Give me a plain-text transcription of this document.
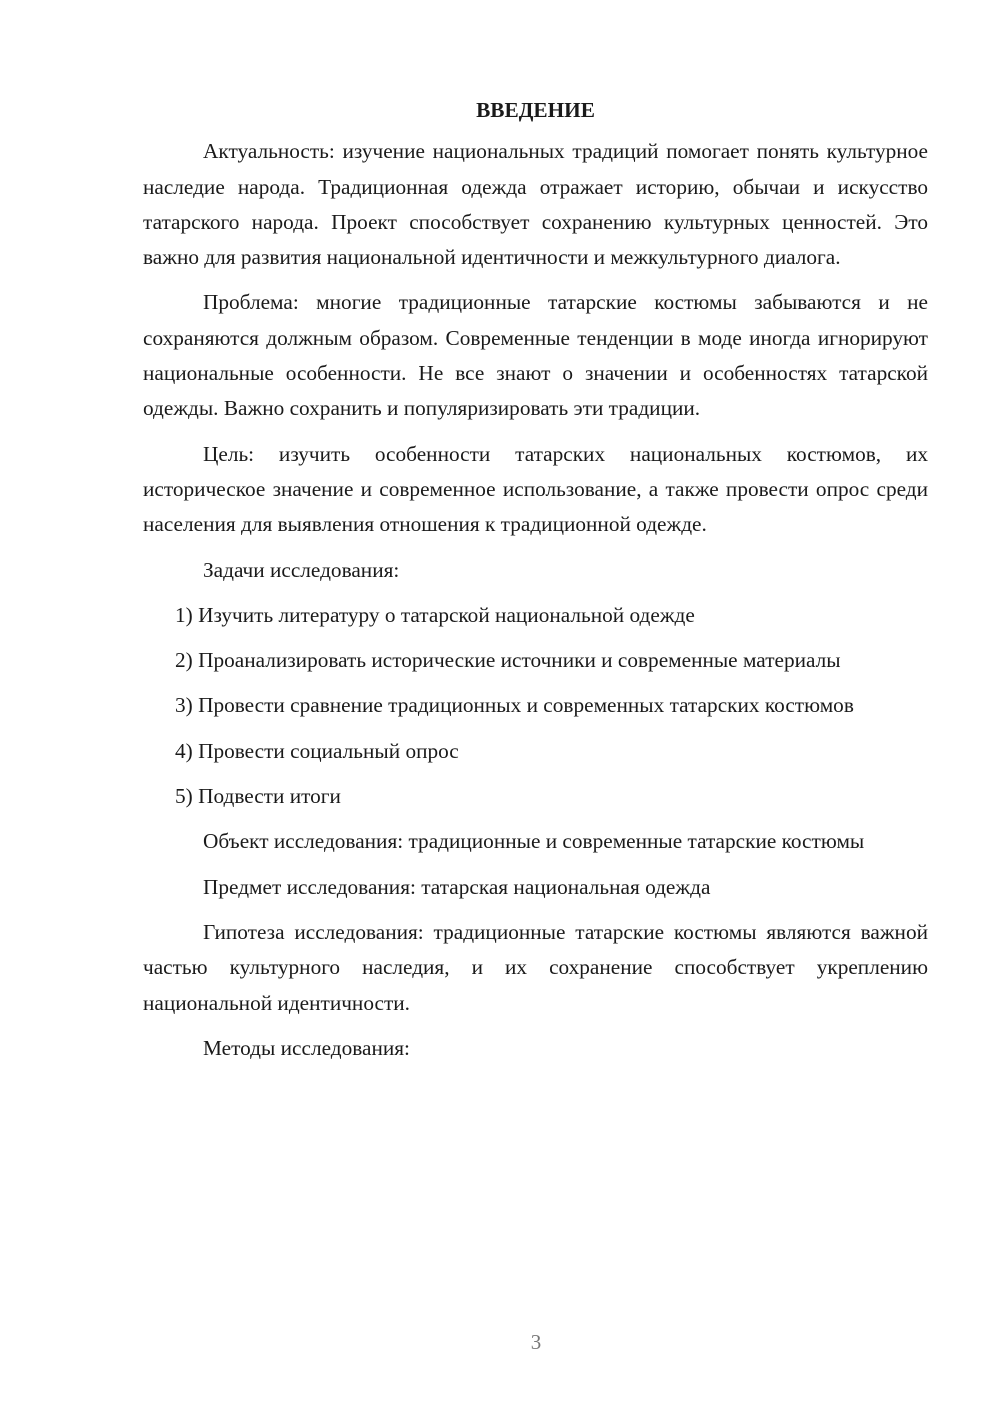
ВВЕДЕНИЕ

Актуальность: изучение национальных традиций помогает понять культурное наследие народа. Традиционная одежда отражает историю, обычаи и искусство татарского народа. Проект способствует сохранению культурных ценностей. Это важно для развития национальной идентичности и межкультурного диалога.

Проблема: многие традиционные татарские костюмы забываются и не сохраняются должным образом. Современные тенденции в моде иногда игнорируют национальные особенности. Не все знают о значении и особенностях татарской одежды. Важно сохранить и популяризировать эти традиции.

Цель: изучить особенности татарских национальных костюмов, их историческое значение и современное использование, а также провести опрос среди населения для выявления отношения к традиционной одежде.

Задачи исследования:

1) Изучить литературу о татарской национальной одежде

2) Проанализировать исторические источники и современные материалы

3) Провести сравнение традиционных и современных татарских костюмов

4) Провести социальный опрос

5) Подвести итоги

Объект исследования: традиционные и современные татарские костюмы

Предмет исследования: татарская национальная одежда

Гипотеза исследования: традиционные татарские костюмы являются важной частью культурного наследия, и их сохранение способствует укреплению национальной идентичности.

Методы исследования:

3
